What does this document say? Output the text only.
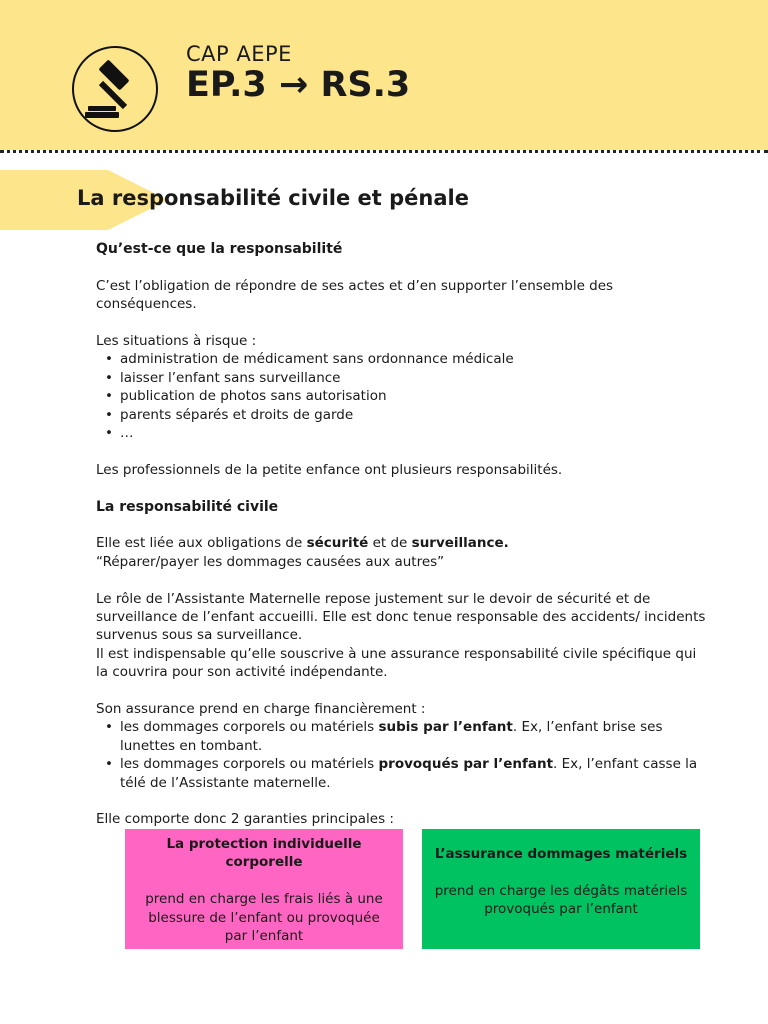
CAP AEPE
EP.3 → RS.3
La responsabilité civile et pénale
Qu’est-ce que la responsabilité
C’est l’obligation de répondre de ses actes et d’en supporter l’ensemble des conséquences.
Les situations à risque :
• administration de médicament sans ordonnance médicale
• laisser l’enfant sans surveillance
• publication de photos sans autorisation
• parents séparés et droits de garde
• …
Les professionnels de la petite enfance ont plusieurs responsabilités.
La responsabilité civile
Elle est liée aux obligations de sécurité et de surveillance.
“Réparer/payer les dommages causées aux autres”
Le rôle de l’Assistante Maternelle repose justement sur le devoir de sécurité et de surveillance de l’enfant accueilli. Elle est donc tenue responsable des accidents/ incidents survenus sous sa surveillance.
Il est indispensable qu’elle souscrive à une assurance responsabilité civile spécifique qui la couvrira pour son activité indépendante.
Son assurance prend en charge financièrement :
• les dommages corporels ou matériels subis par l’enfant. Ex, l’enfant brise ses lunettes en tombant.
• les dommages corporels ou matériels provoqués par l’enfant. Ex, l’enfant casse la télé de l’Assistante maternelle.
Elle comporte donc 2 garanties principales :
La protection individuelle corporelle
prend en charge les frais liés à une blessure de l’enfant ou provoquée par l’enfant
L’assurance dommages matériels
prend en charge les dégâts matériels provoqués par l’enfant
